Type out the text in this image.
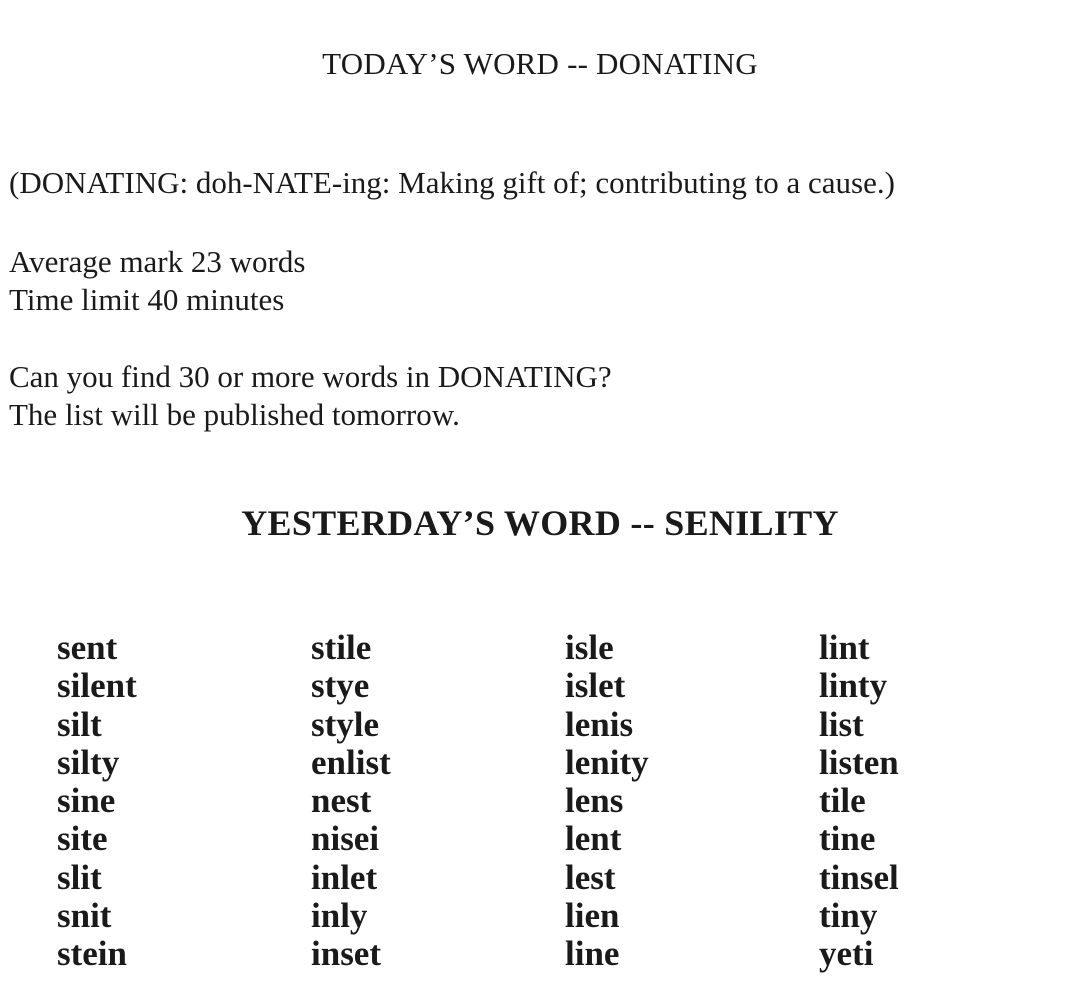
TODAY’S WORD -- DONATING
(DONATING: doh-NATE-ing: Making gift of; contributing to a cause.)
Average mark 23 words
Time limit 40 minutes
Can you find 30 or more words in DONATING?
The list will be published tomorrow.
YESTERDAY’S WORD -- SENILITY
sent
silent
silt
silty
sine
site
slit
snit
stein
stile
stye
style
enlist
nest
nisei
inlet
inly
inset
isle
islet
lenis
lenity
lens
lent
lest
lien
line
lint
linty
list
listen
tile
tine
tinsel
tiny
yeti
